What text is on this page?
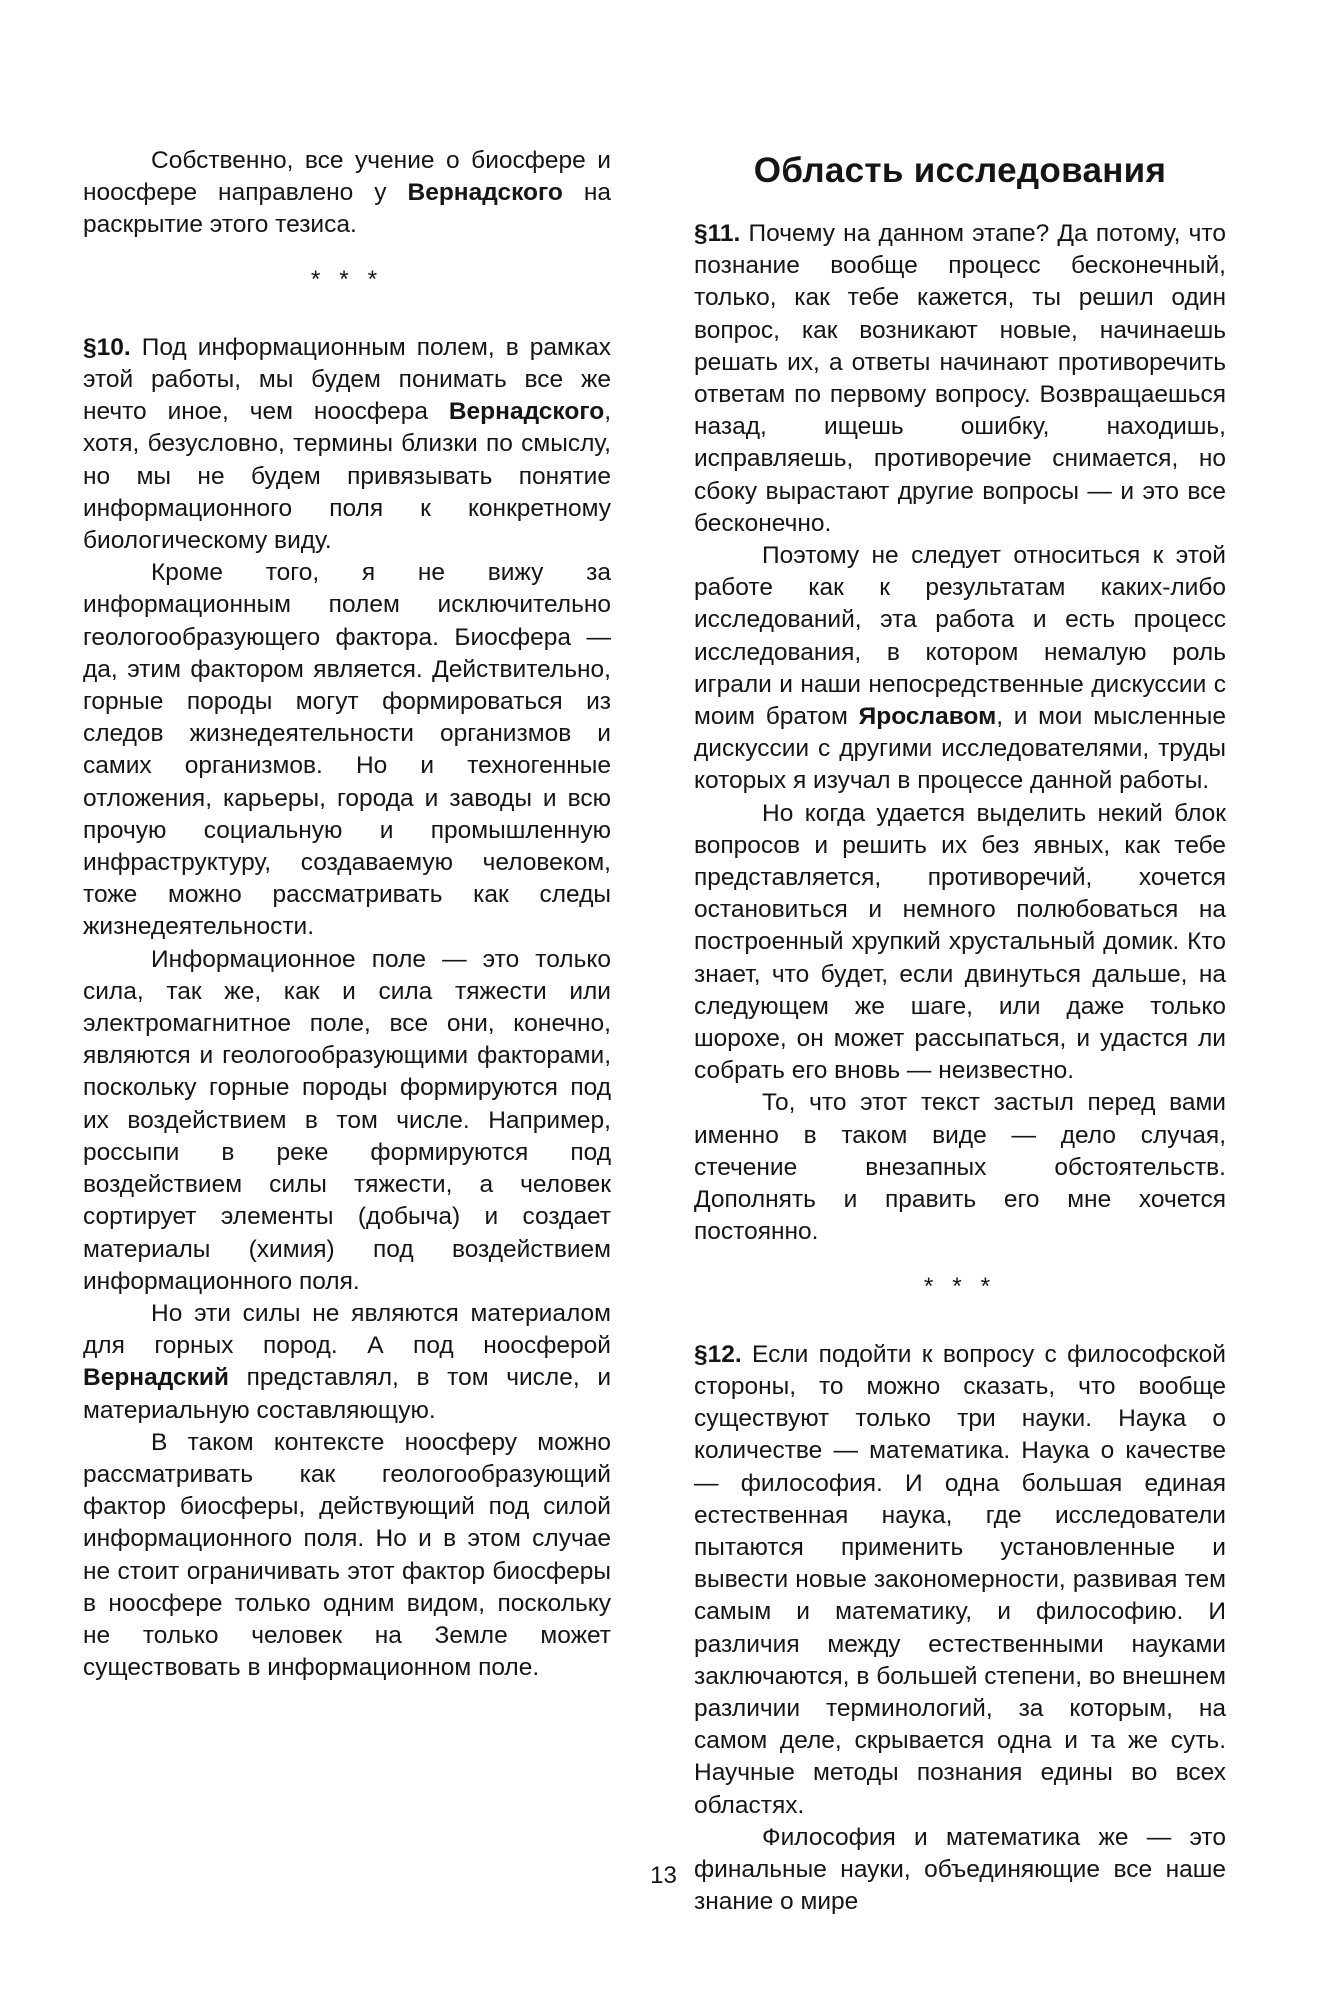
Собственно, все учение о биосфере и ноосфере направлено у Вернадского на раскрытие этого тезиса.

* * *

§10. Под информационным полем, в рамках этой работы, мы будем понимать все же нечто иное, чем ноосфера Вернадского, хотя, безусловно, термины близки по смыслу, но мы не будем привязывать понятие информационного поля к конкретному биологическому виду.

Кроме того, я не вижу за информационным полем исключительно геологообразующего фактора. Биосфера — да, этим фактором является. Действительно, горные породы могут формироваться из следов жизнедеятельности организмов и самих организмов. Но и техногенные отложения, карьеры, города и заводы и всю прочую социальную и промышленную инфраструктуру, создаваемую человеком, тоже можно рассматривать как следы жизнедеятельности.

Информационное поле — это только сила, так же, как и сила тяжести или электромагнитное поле, все они, конечно, являются и геологообразующими факторами, поскольку горные породы формируются под их воздействием в том числе. Например, россыпи в реке формируются под воздействием силы тяжести, а человек сортирует элементы (добыча) и создает материалы (химия) под воздействием информационного поля.

Но эти силы не являются материалом для горных пород. А под ноосферой Вернадский представлял, в том числе, и материальную составляющую.

В таком контексте ноосферу можно рассматривать как геологообразующий фактор биосферы, действующий под силой информационного поля. Но и в этом случае не стоит ограничивать этот фактор биосферы в ноосфере только одним видом, поскольку не только человек на Земле может существовать в информационном поле.

Область исследования

§11. Почему на данном этапе? Да потому, что познание вообще процесс бесконечный, только, как тебе кажется, ты решил один вопрос, как возникают новые, начинаешь решать их, а ответы начинают противоречить ответам по первому вопросу. Возвращаешься назад, ищешь ошибку, находишь, исправляешь, противоречие снимается, но сбоку вырастают другие вопросы — и это все бесконечно.

Поэтому не следует относиться к этой работе как к результатам каких-либо исследований, эта работа и есть процесс исследования, в котором немалую роль играли и наши непосредственные дискуссии с моим братом Ярославом, и мои мысленные дискуссии с другими исследователями, труды которых я изучал в процессе данной работы.

Но когда удается выделить некий блок вопросов и решить их без явных, как тебе представляется, противоречий, хочется остановиться и немного полюбоваться на построенный хрупкий хрустальный домик. Кто знает, что будет, если двинуться дальше, на следующем же шаге, или даже только шорохе, он может рассыпаться, и удастся ли собрать его вновь — неизвестно.

То, что этот текст застыл перед вами именно в таком виде — дело случая, стечение внезапных обстоятельств. Дополнять и править его мне хочется постоянно.

* * *

§12. Если подойти к вопросу с философской стороны, то можно сказать, что вообще существуют только три науки. Наука о количестве — математика. Наука о качестве — философия. И одна большая единая естественная наука, где исследователи пытаются применить установленные и вывести новые закономерности, развивая тем самым и математику, и философию. И различия между естественными науками заключаются, в большей степени, во внешнем различии терминологий, за которым, на самом деле, скрывается одна и та же суть. Научные методы познания едины во всех областях.

Философия и математика же — это финальные науки, объединяющие все наше знание о мире

13
